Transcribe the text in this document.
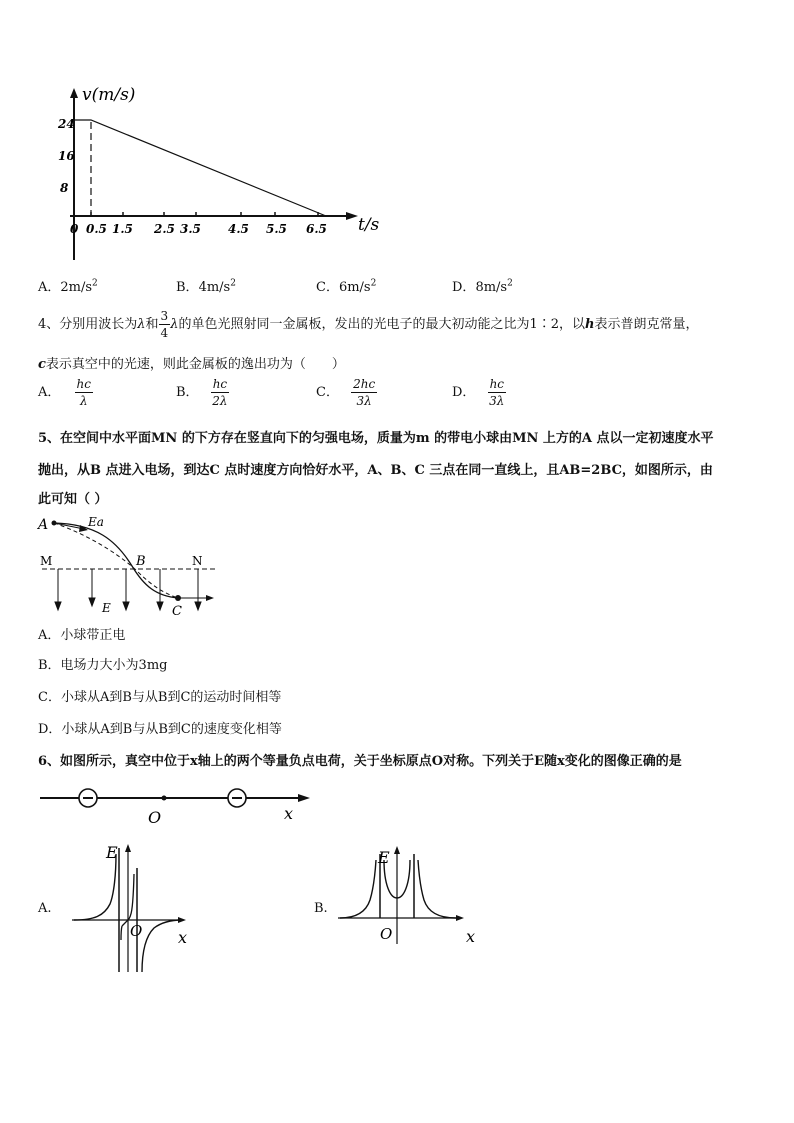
24
16
8
0 0.5 1.5 2.5 3.5 4.5 5.5 6.5
v(m/s)
t/s
A．$2m/s^2$	B．$4m/s^2$	C．$6m/s^2$	D．$8m/s^2$
4、分别用波长为λ和 $\frac{3}{4}$ λ的单色光照射同一金属板，发出的光电子的最大初动能之比为1∶2，以h表示普朗克常量，
c表示真空中的光速，则此金属板的逸出功为（　　）
A． $\frac{hc}{\lambda}$	B． $\frac{hc}{2\lambda}$	C． $\frac{2hc}{3\lambda}$	D． $\frac{hc}{3\lambda}$
5、在空间中水平面MN 的下方存在竖直向下的匀强电场，质量为m 的带电小球由MN 上方的A 点以一定初速度水平
抛出，从B 点进入电场，到达C 点时速度方向恰好水平，A、B、C 三点在同一直线上，且AB=2BC，如图所示，由
此可知（ ）
A	Ea
M	B	N
E	C
A．小球带正电
B．电场力大小为3mg
C．小球从A到B与从B到C的运动时间相等
D．小球从A到B与从B到C的速度变化相等
6、如图所示，真空中位于x轴上的两个等量负点电荷，关于坐标原点O对称。下列关于E随x变化的图像正确的是
O	x
A.
E
O x
B.
E
O	x
